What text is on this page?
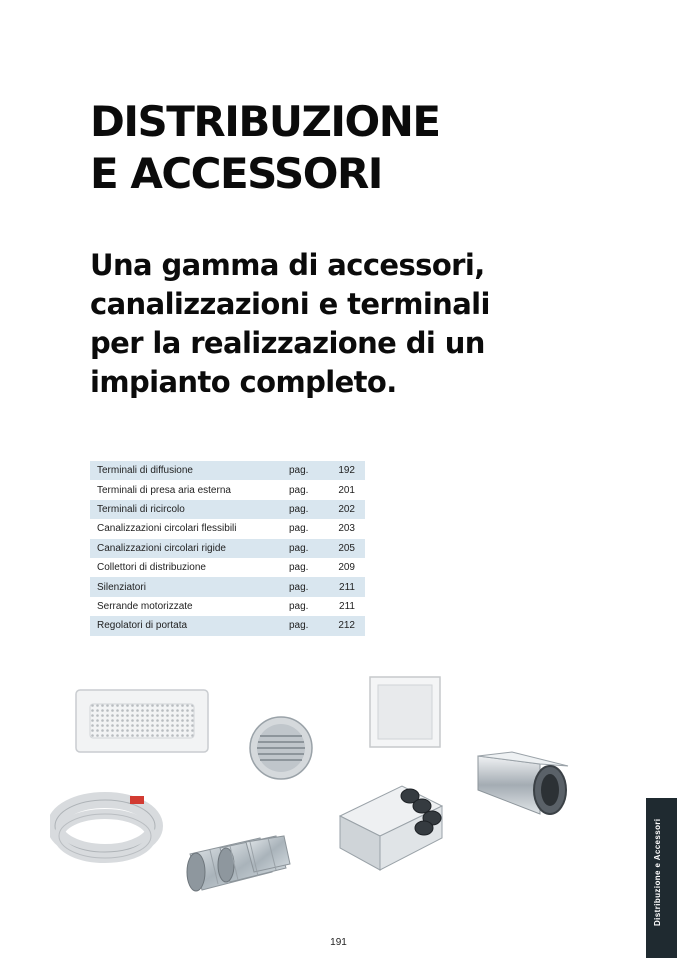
DISTRIBUZIONE
E ACCESSORI
Una gamma di accessori,
canalizzazioni e terminali
per la realizzazione di un
impianto completo.
Terminali di diffusione	pag.	192
Terminali di presa aria esterna	pag.	201
Terminali di ricircolo	pag.	202
Canalizzazioni circolari flessibili	pag.	203
Canalizzazioni circolari rigide	pag.	205
Collettori di distribuzione	pag.	209
Silenziatori	pag.	211
Serrande motorizzate	pag.	211
Regolatori di portata	pag.	212
191
Distribuzione e Accessori
